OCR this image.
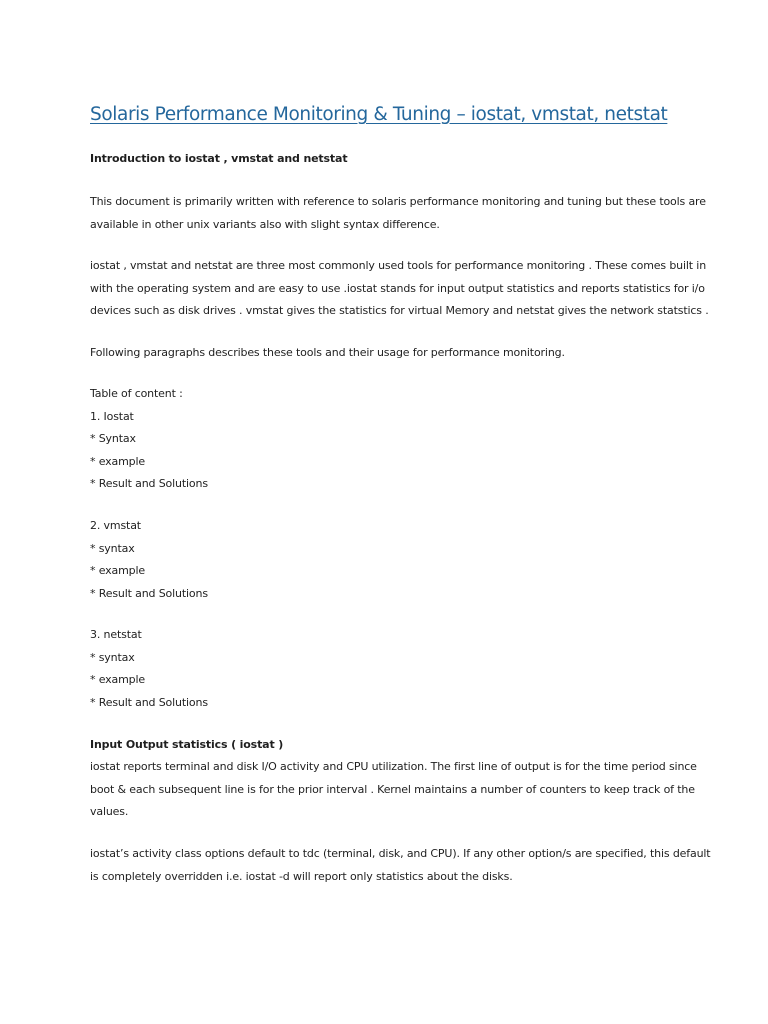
Solaris Performance Monitoring & Tuning – iostat, vmstat, netstat
Introduction to iostat , vmstat and netstat
This document is primarily written with reference to solaris performance monitoring and tuning but these tools are
available in other unix variants also with slight syntax difference.
iostat , vmstat and netstat are three most commonly used tools for performance monitoring . These comes built in
with the operating system and are easy to use .iostat stands for input output statistics and reports statistics for i/o
devices such as disk drives . vmstat gives the statistics for virtual Memory and netstat gives the network statstics .
Following paragraphs describes these tools and their usage for performance monitoring.
Table of content :
1. Iostat
* Syntax
* example
* Result and Solutions
2. vmstat
* syntax
* example
* Result and Solutions
3. netstat
* syntax
* example
* Result and Solutions
Input Output statistics ( iostat )
iostat reports terminal and disk I/O activity and CPU utilization. The first line of output is for the time period since
boot & each subsequent line is for the prior interval . Kernel maintains a number of counters to keep track of the
values.
iostat’s activity class options default to tdc (terminal, disk, and CPU). If any other option/s are specified, this default
is completely overridden i.e. iostat -d will report only statistics about the disks.
